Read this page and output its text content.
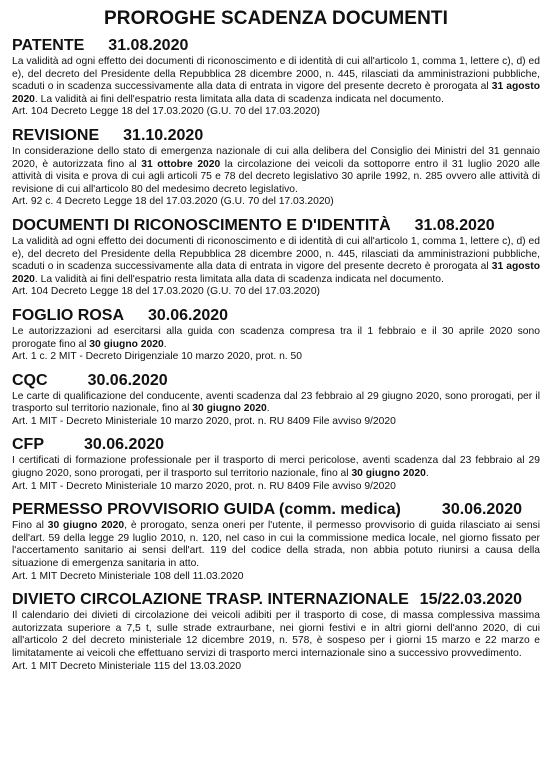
PROROGHE SCADENZA DOCUMENTI
PATENTE 31.08.2020
La validità ad ogni effetto dei documenti di riconoscimento e di identità di cui all'articolo 1, comma 1, lettere c), d) ed e), del decreto del Presidente della Repubblica 28 dicembre 2000, n. 445, rilasciati da amministrazioni pubbliche, scaduti o in scadenza successivamente alla data di entrata in vigore del presente decreto è prorogata al 31 agosto 2020. La validità ai fini dell'espatrio resta limitata alla data di scadenza indicata nel documento.
Art. 104 Decreto Legge 18 del 17.03.2020 (G.U. 70 del 17.03.2020)
REVISIONE 31.10.2020
In considerazione dello stato di emergenza nazionale di cui alla delibera del Consiglio dei Ministri del 31 gennaio 2020, è autorizzata fino al 31 ottobre 2020 la circolazione dei veicoli da sottoporre entro il 31 luglio 2020 alle attività di visita e prova di cui agli articoli 75 e 78 del decreto legislativo 30 aprile 1992, n. 285 ovvero alle attività di revisione di cui all'articolo 80 del medesimo decreto legislativo.
Art. 92 c. 4 Decreto Legge 18 del 17.03.2020 (G.U. 70 del 17.03.2020)
DOCUMENTI DI RICONOSCIMENTO E D'IDENTITÀ 31.08.2020
La validità ad ogni effetto dei documenti di riconoscimento e di identità di cui all'articolo 1, comma 1, lettere c), d) ed e), del decreto del Presidente della Repubblica 28 dicembre 2000, n. 445, rilasciati da amministrazioni pubbliche, scaduti o in scadenza successivamente alla data di entrata in vigore del presente decreto è prorogata al 31 agosto 2020. La validità ai fini dell'espatrio resta limitata alla data di scadenza indicata nel documento.
Art. 104 Decreto Legge 18 del 17.03.2020 (G.U. 70 del 17.03.2020)
FOGLIO ROSA 30.06.2020
Le autorizzazioni ad esercitarsi alla guida con scadenza compresa tra il 1 febbraio e il 30 aprile 2020 sono prorogate fino al 30 giugno 2020.
Art. 1 c. 2 MIT - Decreto Dirigenziale 10 marzo 2020, prot. n. 50
CQC	30.06.2020
Le carte di qualificazione del conducente, aventi scadenza dal 23 febbraio al 29 giugno 2020, sono prorogati, per il trasporto sul territorio nazionale, fino al 30 giugno 2020.
Art. 1 MIT - Decreto Ministeriale 10 marzo 2020, prot. n. RU 8409 File avviso 9/2020
CFP	30.06.2020
I certificati di formazione professionale per il trasporto di merci pericolose, aventi scadenza dal 23 febbraio al 29 giugno 2020, sono prorogati, per il trasporto sul territorio nazionale, fino al 30 giugno 2020.
Art. 1 MIT - Decreto Ministeriale 10 marzo 2020, prot. n. RU 8409 File avviso 9/2020
PERMESSO PROVVISORIO GUIDA (comm. medica)	30.06.2020
Fino al 30 giugno 2020, è prorogato, senza oneri per l'utente, il permesso provvisorio di guida rilasciato ai sensi dell'art. 59 della legge 29 luglio 2010, n. 120, nel caso in cui la commissione medica locale, nel giorno fissato per l'accertamento sanitario ai sensi dell'art. 119 del codice della strada, non abbia potuto riunirsi a causa della situazione di emergenza sanitaria in atto.
Art. 1 MIT Decreto Ministeriale 108 dell 11.03.2020
DIVIETO CIRCOLAZIONE TRASP. INTERNAZIONALE 15/22.03.2020
Il calendario dei divieti di circolazione dei veicoli adibiti per il trasporto di cose, di massa complessiva massima autorizzata superiore a 7,5 t, sulle strade extraurbane, nei giorni festivi e in altri giorni dell'anno 2020, di cui all'articolo 2 del decreto ministeriale 12 dicembre 2019, n. 578, è sospeso per i giorni 15 marzo e 22 marzo e limitatamente ai veicoli che effettuano servizi di trasporto merci internazionale sino a successivo provvedimento.
Art. 1 MIT Decreto Ministeriale 115 del 13.03.2020
